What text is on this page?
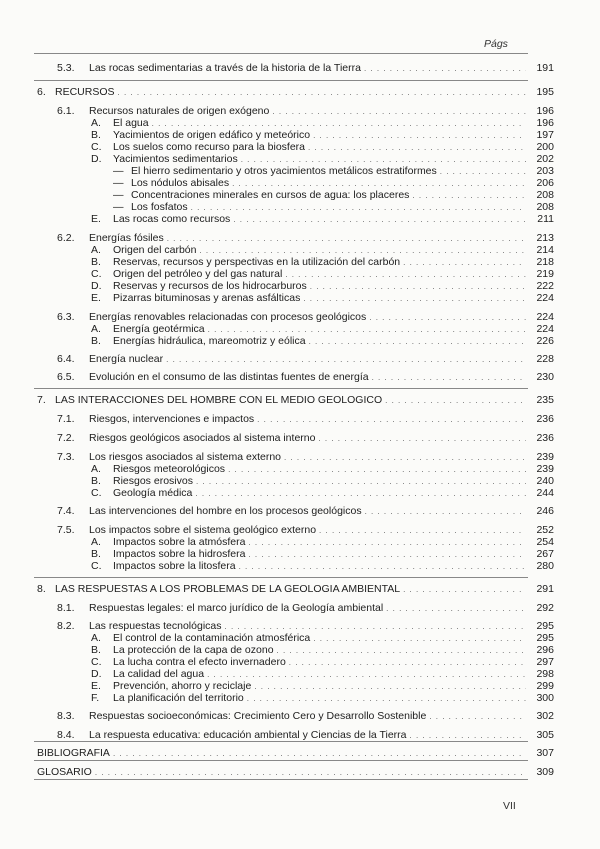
Págs
5.3. Las rocas sedimentarias a través de la historia de la Tierra . . .	191
6. RECURSOS . . .	195
6.1. Recursos naturales de origen exógeno . . .	196
A. El agua . . .	196
B. Yacimientos de origen edáfico y meteórico . . .	197
C. Los suelos como recurso para la biosfera . . .	200
D. Yacimientos sedimentarios . . .	202
— El hierro sedimentario y otros yacimientos metálicos estratiformes . . .	203
— Los nódulos abisales . . .	206
— Concentraciones minerales en cursos de agua: los placeres . . .	208
— Los fosfatos . . .	208
E. Las rocas como recursos . . .	211
6.2. Energías fósiles . . .	213
A. Origen del carbón . . .	214
B. Reservas, recursos y perspectivas en la utilización del carbón . . .	218
C. Origen del petróleo y del gas natural . . .	219
D. Reservas y recursos de los hidrocarburos . . .	222
E. Pizarras bituminosas y arenas asfálticas . . .	224
6.3. Energías renovables relacionadas con procesos geológicos . . .	224
A. Energía geotérmica . . .	224
B. Energías hidráulica, mareomotriz y eólica . . .	226
6.4. Energía nuclear . . .	228
6.5. Evolución en el consumo de las distintas fuentes de energía . . .	230
7. LAS INTERACCIONES DEL HOMBRE CON EL MEDIO GEOLOGICO . . .	235
7.1. Riesgos, intervenciones e impactos . . .	236
7.2. Riesgos geológicos asociados al sistema interno . . .	236
7.3. Los riesgos asociados al sistema externo . . .	239
A. Riesgos meteorológicos . . .	239
B. Riesgos erosivos . . .	240
C. Geología médica . . .	244
7.4. Las intervenciones del hombre en los procesos geológicos . . .	246
7.5. Los impactos sobre el sistema geológico externo . . .	252
A. Impactos sobre la atmósfera . . .	254
B. Impactos sobre la hidrosfera . . .	267
C. Impactos sobre la litosfera . . .	280
8. LAS RESPUESTAS A LOS PROBLEMAS DE LA GEOLOGIA AMBIENTAL . . .	291
8.1. Respuestas legales: el marco jurídico de la Geología ambiental . . .	292
8.2. Las respuestas tecnológicas . . .	295
A. El control de la contaminación atmosférica . . .	295
B. La protección de la capa de ozono . . .	296
C. La lucha contra el efecto invernadero . . .	297
D. La calidad del agua . . .	298
E. Prevención, ahorro y reciclaje . . .	299
F. La planificación del territorio . . .	300
8.3. Respuestas socioeconómicas: Crecimiento Cero y Desarrollo Sostenible . . .	302
8.4. La respuesta educativa: educación ambiental y Ciencias de la Tierra . . .	305
BIBLIOGRAFIA . . .	307
GLOSARIO . . .	309
VII
